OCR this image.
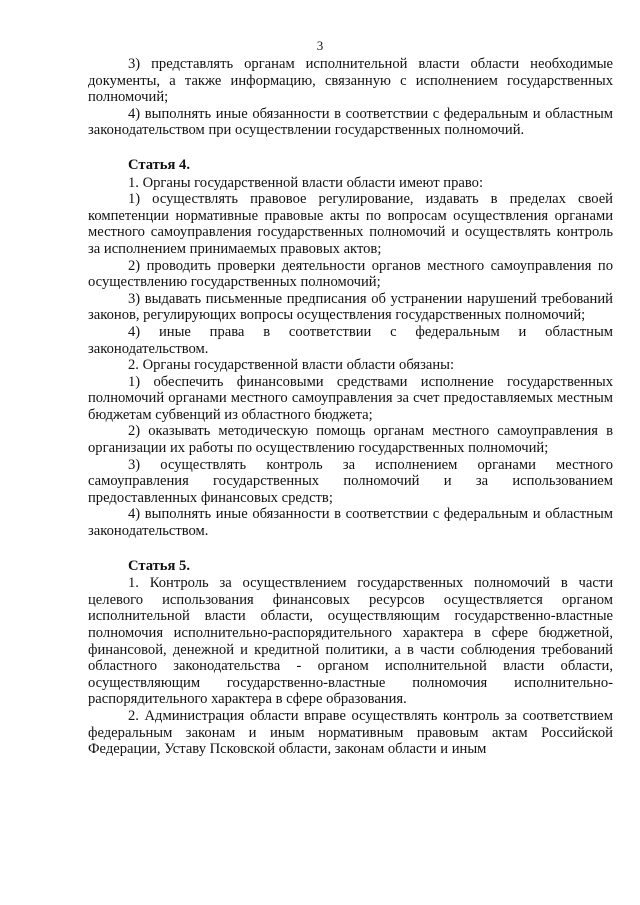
3

3) представлять органам исполнительной власти области необходимые документы, а также информацию, связанную с исполнением государственных полномочий;

4) выполнять иные обязанности в соответствии с федеральным и областным законодательством при осуществлении государственных полномочий.

Статья 4.

1. Органы государственной власти области имеют право:

1) осуществлять правовое регулирование, издавать в пределах своей компетенции нормативные правовые акты по вопросам осуществления органами местного самоуправления государственных полномочий и осуществлять контроль за исполнением принимаемых правовых актов;

2) проводить проверки деятельности органов местного самоуправления по осуществлению государственных полномочий;

3) выдавать письменные предписания об устранении нарушений требований законов, регулирующих вопросы осуществления государственных полномочий;

4) иные права в соответствии с федеральным и областным законодательством.

2. Органы государственной власти области обязаны:

1) обеспечить финансовыми средствами исполнение государственных полномочий органами местного самоуправления за счет предоставляемых местным бюджетам субвенций из областного бюджета;

2) оказывать методическую помощь органам местного самоуправления в организации их работы по осуществлению государственных полномочий;

3) осуществлять контроль за исполнением органами местного самоуправления государственных полномочий и за использованием предоставленных финансовых средств;

4) выполнять иные обязанности в соответствии с федеральным и областным законодательством.

Статья 5.

1. Контроль за осуществлением государственных полномочий в части целевого использования финансовых ресурсов осуществляется органом исполнительной власти области, осуществляющим государственно-властные полномочия исполнительно-распорядительного характера в сфере бюджетной, финансовой, денежной и кредитной политики, а в части соблюдения требований областного законодательства - органом исполнительной власти области, осуществляющим государственно-властные полномочия исполнительно-распорядительного характера в сфере образования.

2. Администрация области вправе осуществлять контроль за соответствием федеральным законам и иным нормативным правовым актам Российской Федерации, Уставу Псковской области, законам области и иным
